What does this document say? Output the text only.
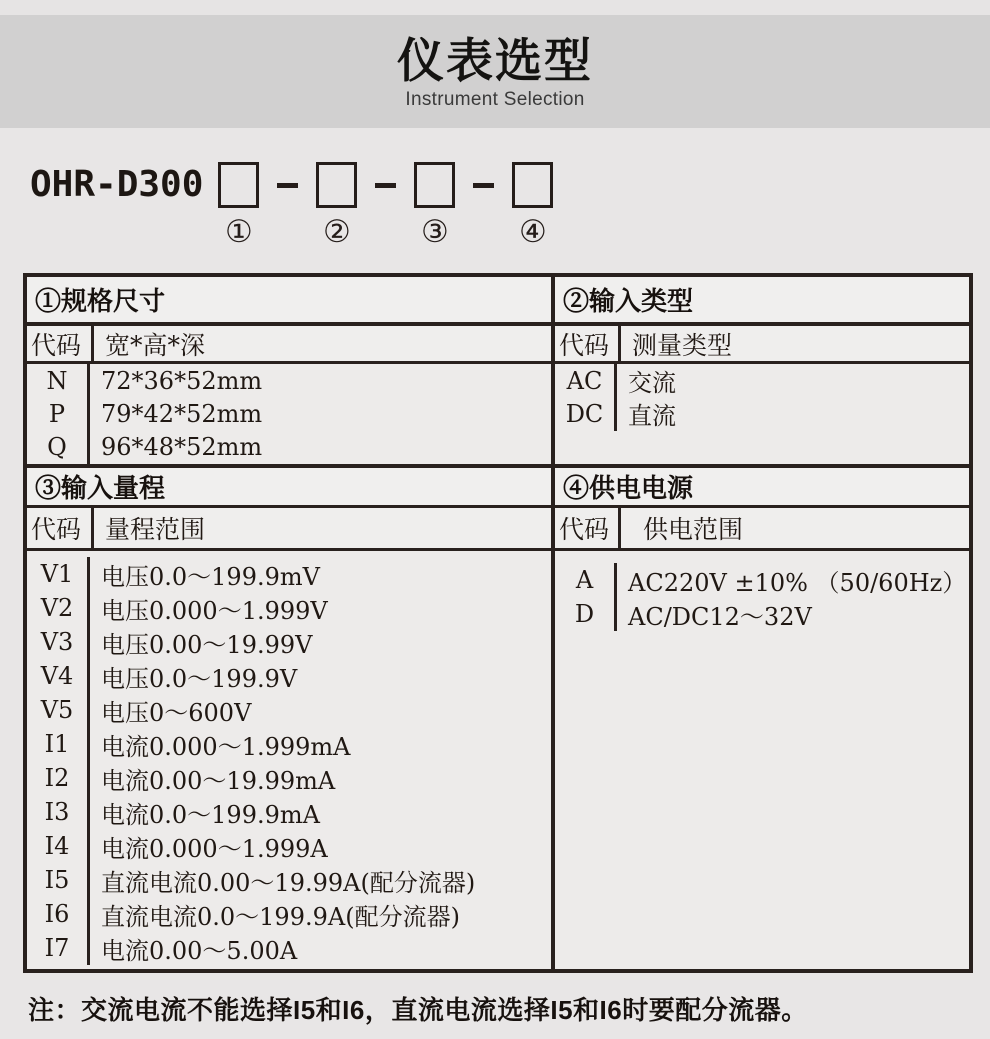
仪表选型
Instrument Selection
OHR-D300
① ② ③ ④
①规格尺寸
代码 宽*高*深
N	72*36*52mm
P	79*42*52mm
Q	96*48*52mm
③输入量程
代码 量程范围
V1	电压0.0～199.9mV
V2	电压0.000～1.999V
V3	电压0.00～19.99V
V4	电压0.0～199.9V
V5	电压0～600V
I1	电流0.000～1.999mA
I2	电流0.00～19.99mA
I3	电流0.0～199.9mA
I4	电流0.000～1.999A
I5	直流电流0.00～19.99A(配分流器)
I6	直流电流0.0～199.9A(配分流器)
I7	电流0.00～5.00A
②输入类型
代码 测量类型
AC	交流
DC	直流
④供电电源
代码	供电范围
A	AC220V ±10% （50/60Hz）
D	AC/DC12～32V
注：交流电流不能选择I5和I6，直流电流选择I5和I6时要配分流器。
